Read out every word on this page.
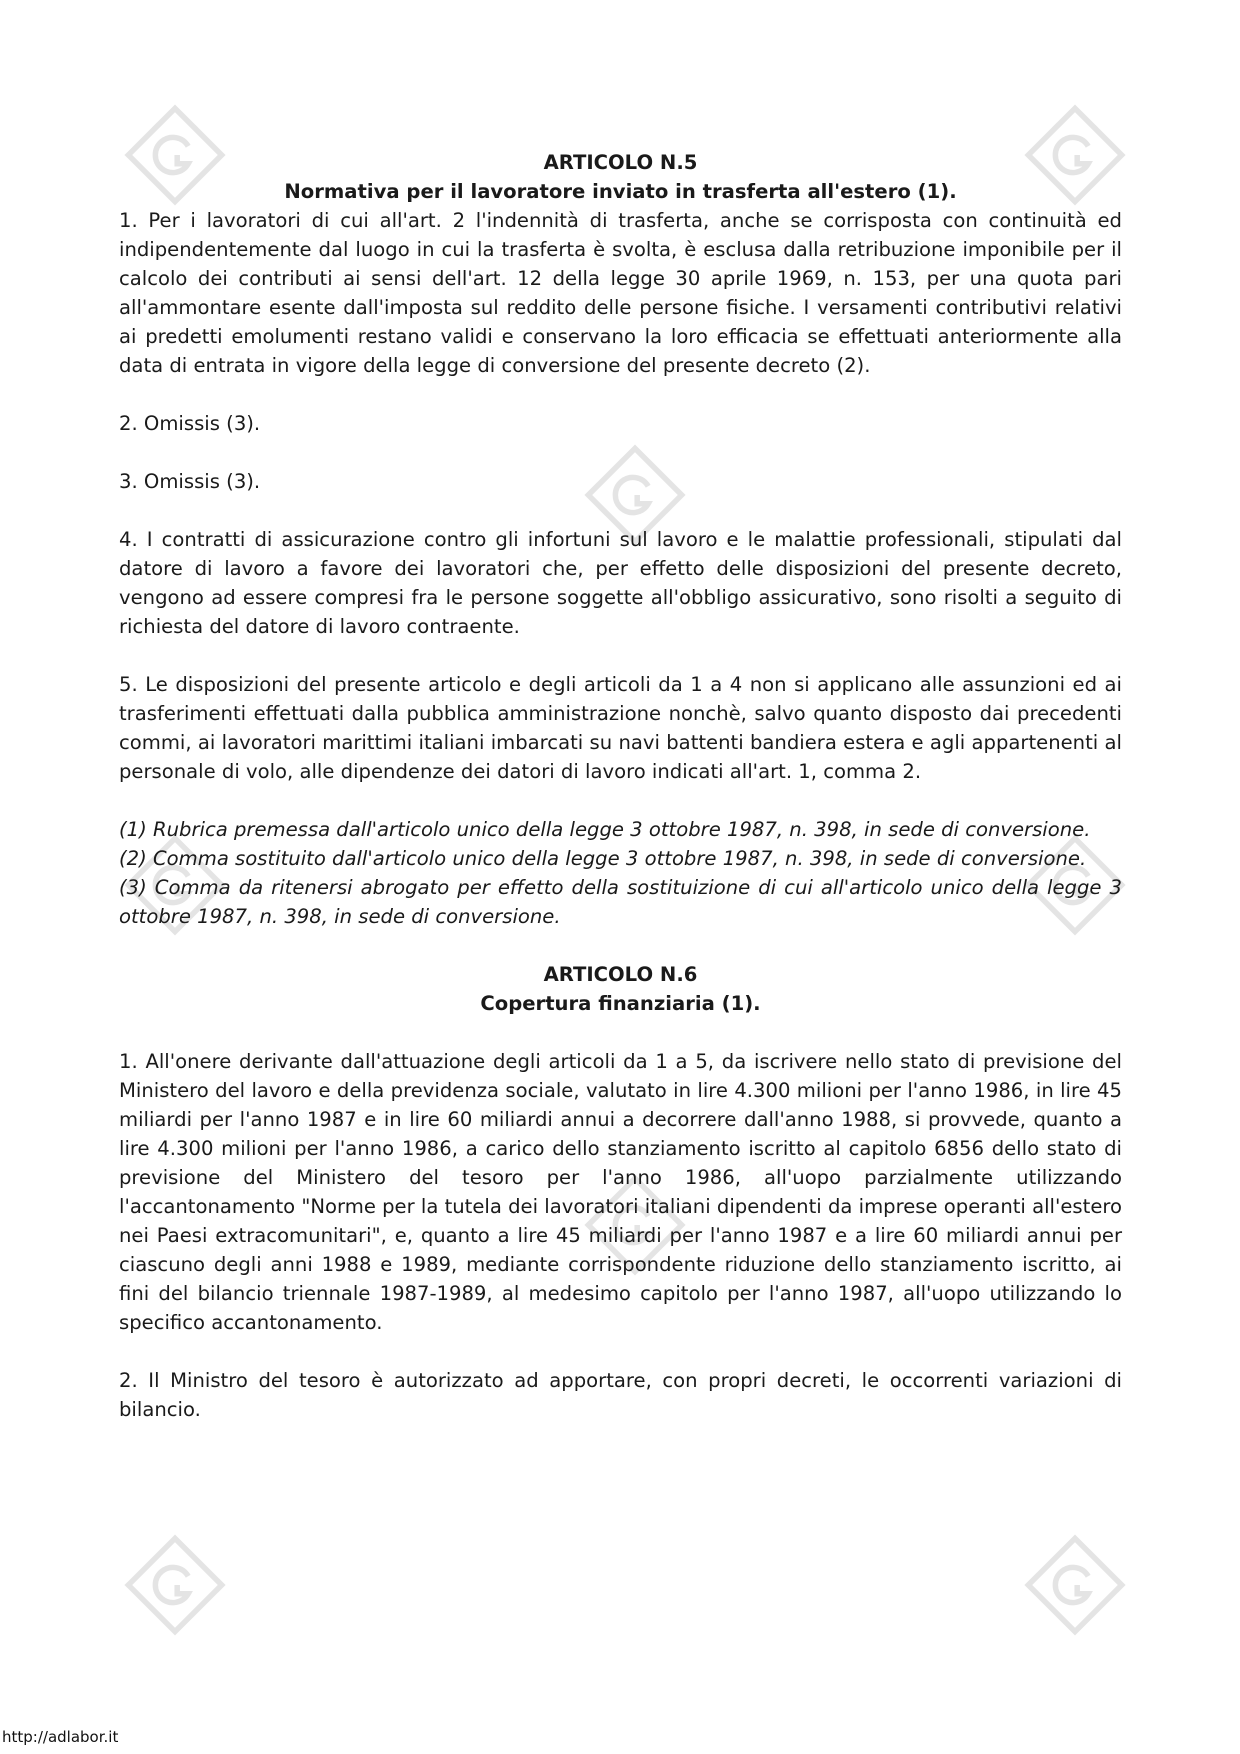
ARTICOLO N.5
Normativa per il lavoratore inviato in trasferta all'estero (1).

1. Per i lavoratori di cui all'art. 2 l'indennità di trasferta, anche se corrisposta con continuità ed indipendentemente dal luogo in cui la trasferta è svolta, è esclusa dalla retribuzione imponibile per il calcolo dei contributi ai sensi dell'art. 12 della legge 30 aprile 1969, n. 153, per una quota pari all'ammontare esente dall'imposta sul reddito delle persone fisiche. I versamenti contributivi relativi ai predetti emolumenti restano validi e conservano la loro efficacia se effettuati anteriormente alla data di entrata in vigore della legge di conversione del presente decreto (2).

2. Omissis (3).

3. Omissis (3).

4. I contratti di assicurazione contro gli infortuni sul lavoro e le malattie professionali, stipulati dal datore di lavoro a favore dei lavoratori che, per effetto delle disposizioni del presente decreto, vengono ad essere compresi fra le persone soggette all'obbligo assicurativo, sono risolti a seguito di richiesta del datore di lavoro contraente.

5. Le disposizioni del presente articolo e degli articoli da 1 a 4 non si applicano alle assunzioni ed ai trasferimenti effettuati dalla pubblica amministrazione nonchè, salvo quanto disposto dai precedenti commi, ai lavoratori marittimi italiani imbarcati su navi battenti bandiera estera e agli appartenenti al personale di volo, alle dipendenze dei datori di lavoro indicati all'art. 1, comma 2.

(1) Rubrica premessa dall'articolo unico della legge 3 ottobre 1987, n. 398, in sede di conversione.
(2) Comma sostituito dall'articolo unico della legge 3 ottobre 1987, n. 398, in sede di conversione.
(3) Comma da ritenersi abrogato per effetto della sostituizione di cui all'articolo unico della legge 3 ottobre 1987, n. 398, in sede di conversione.
ARTICOLO N.6
Copertura finanziaria (1).

1. All'onere derivante dall'attuazione degli articoli da 1 a 5, da iscrivere nello stato di previsione del Ministero del lavoro e della previdenza sociale, valutato in lire 4.300 milioni per l'anno 1986, in lire 45 miliardi per l'anno 1987 e in lire 60 miliardi annui a decorrere dall'anno 1988, si provvede, quanto a lire 4.300 milioni per l'anno 1986, a carico dello stanziamento iscritto al capitolo 6856 dello stato di previsione del Ministero del tesoro per l'anno 1986, all'uopo parzialmente utilizzando l'accantonamento "Norme per la tutela dei lavoratori italiani dipendenti da imprese operanti all'estero nei Paesi extracomunitari", e, quanto a lire 45 miliardi per l'anno 1987 e a lire 60 miliardi annui per ciascuno degli anni 1988 e 1989, mediante corrispondente riduzione dello stanziamento iscritto, ai fini del bilancio triennale 1987-1989, al medesimo capitolo per l'anno 1987, all'uopo utilizzando lo specifico accantonamento.

2. Il Ministro del tesoro è autorizzato ad apportare, con propri decreti, le occorrenti variazioni di bilancio.

http://adlabor.it
